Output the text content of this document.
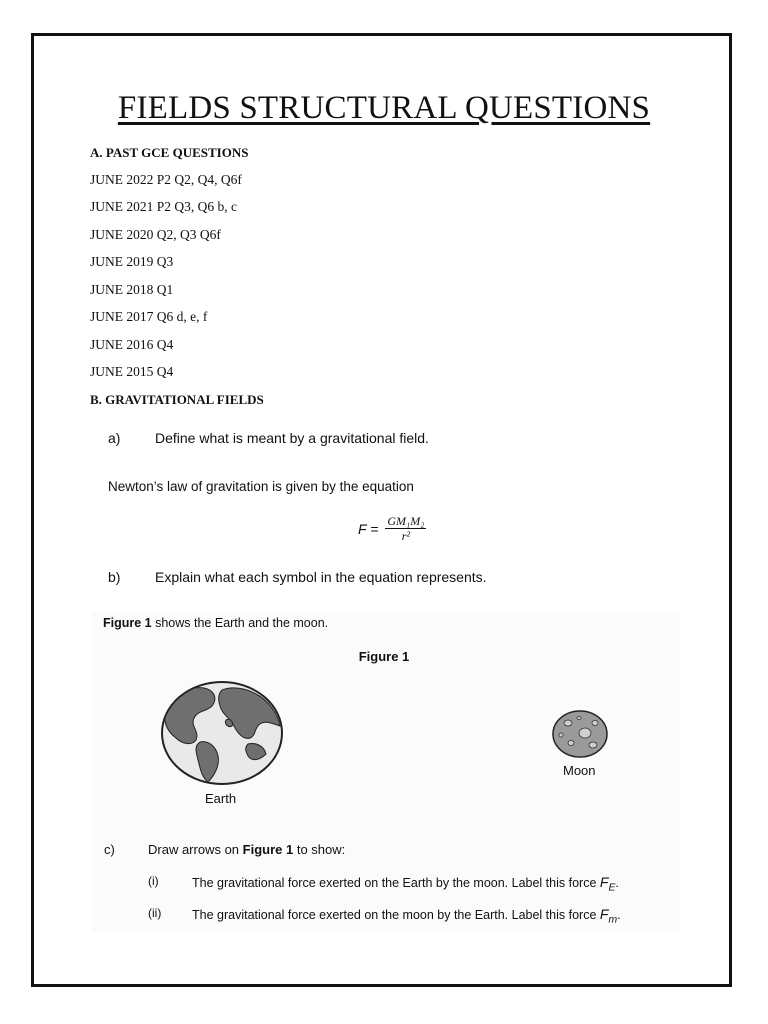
FIELDS STRUCTURAL QUESTIONS
A. PAST GCE QUESTIONS
JUNE 2022 P2 Q2, Q4, Q6f
JUNE 2021 P2 Q3, Q6 b, c
JUNE 2020 Q2, Q3 Q6f
JUNE 2019 Q3
JUNE 2018 Q1
JUNE 2017 Q6 d, e, f
JUNE 2016 Q4
JUNE 2015 Q4
B. GRAVITATIONAL FIELDS
a) Define what is meant by a gravitational field.
Newton’s law of gravitation is given by the equation
$F = \frac{\text{GM₁M₂}}{\text{r²}}$
b) Explain what each symbol in the equation represents.
Figure 1 shows the Earth and the moon.
Figure 1
Earth
Moon
c)	Draw arrows on Figure 1 to show:
(i)	The gravitational force exerted on the Earth by the moon. Label this force $F_E$.
(ii) The gravitational force exerted on the moon by the Earth. Label this force $F_m$.
